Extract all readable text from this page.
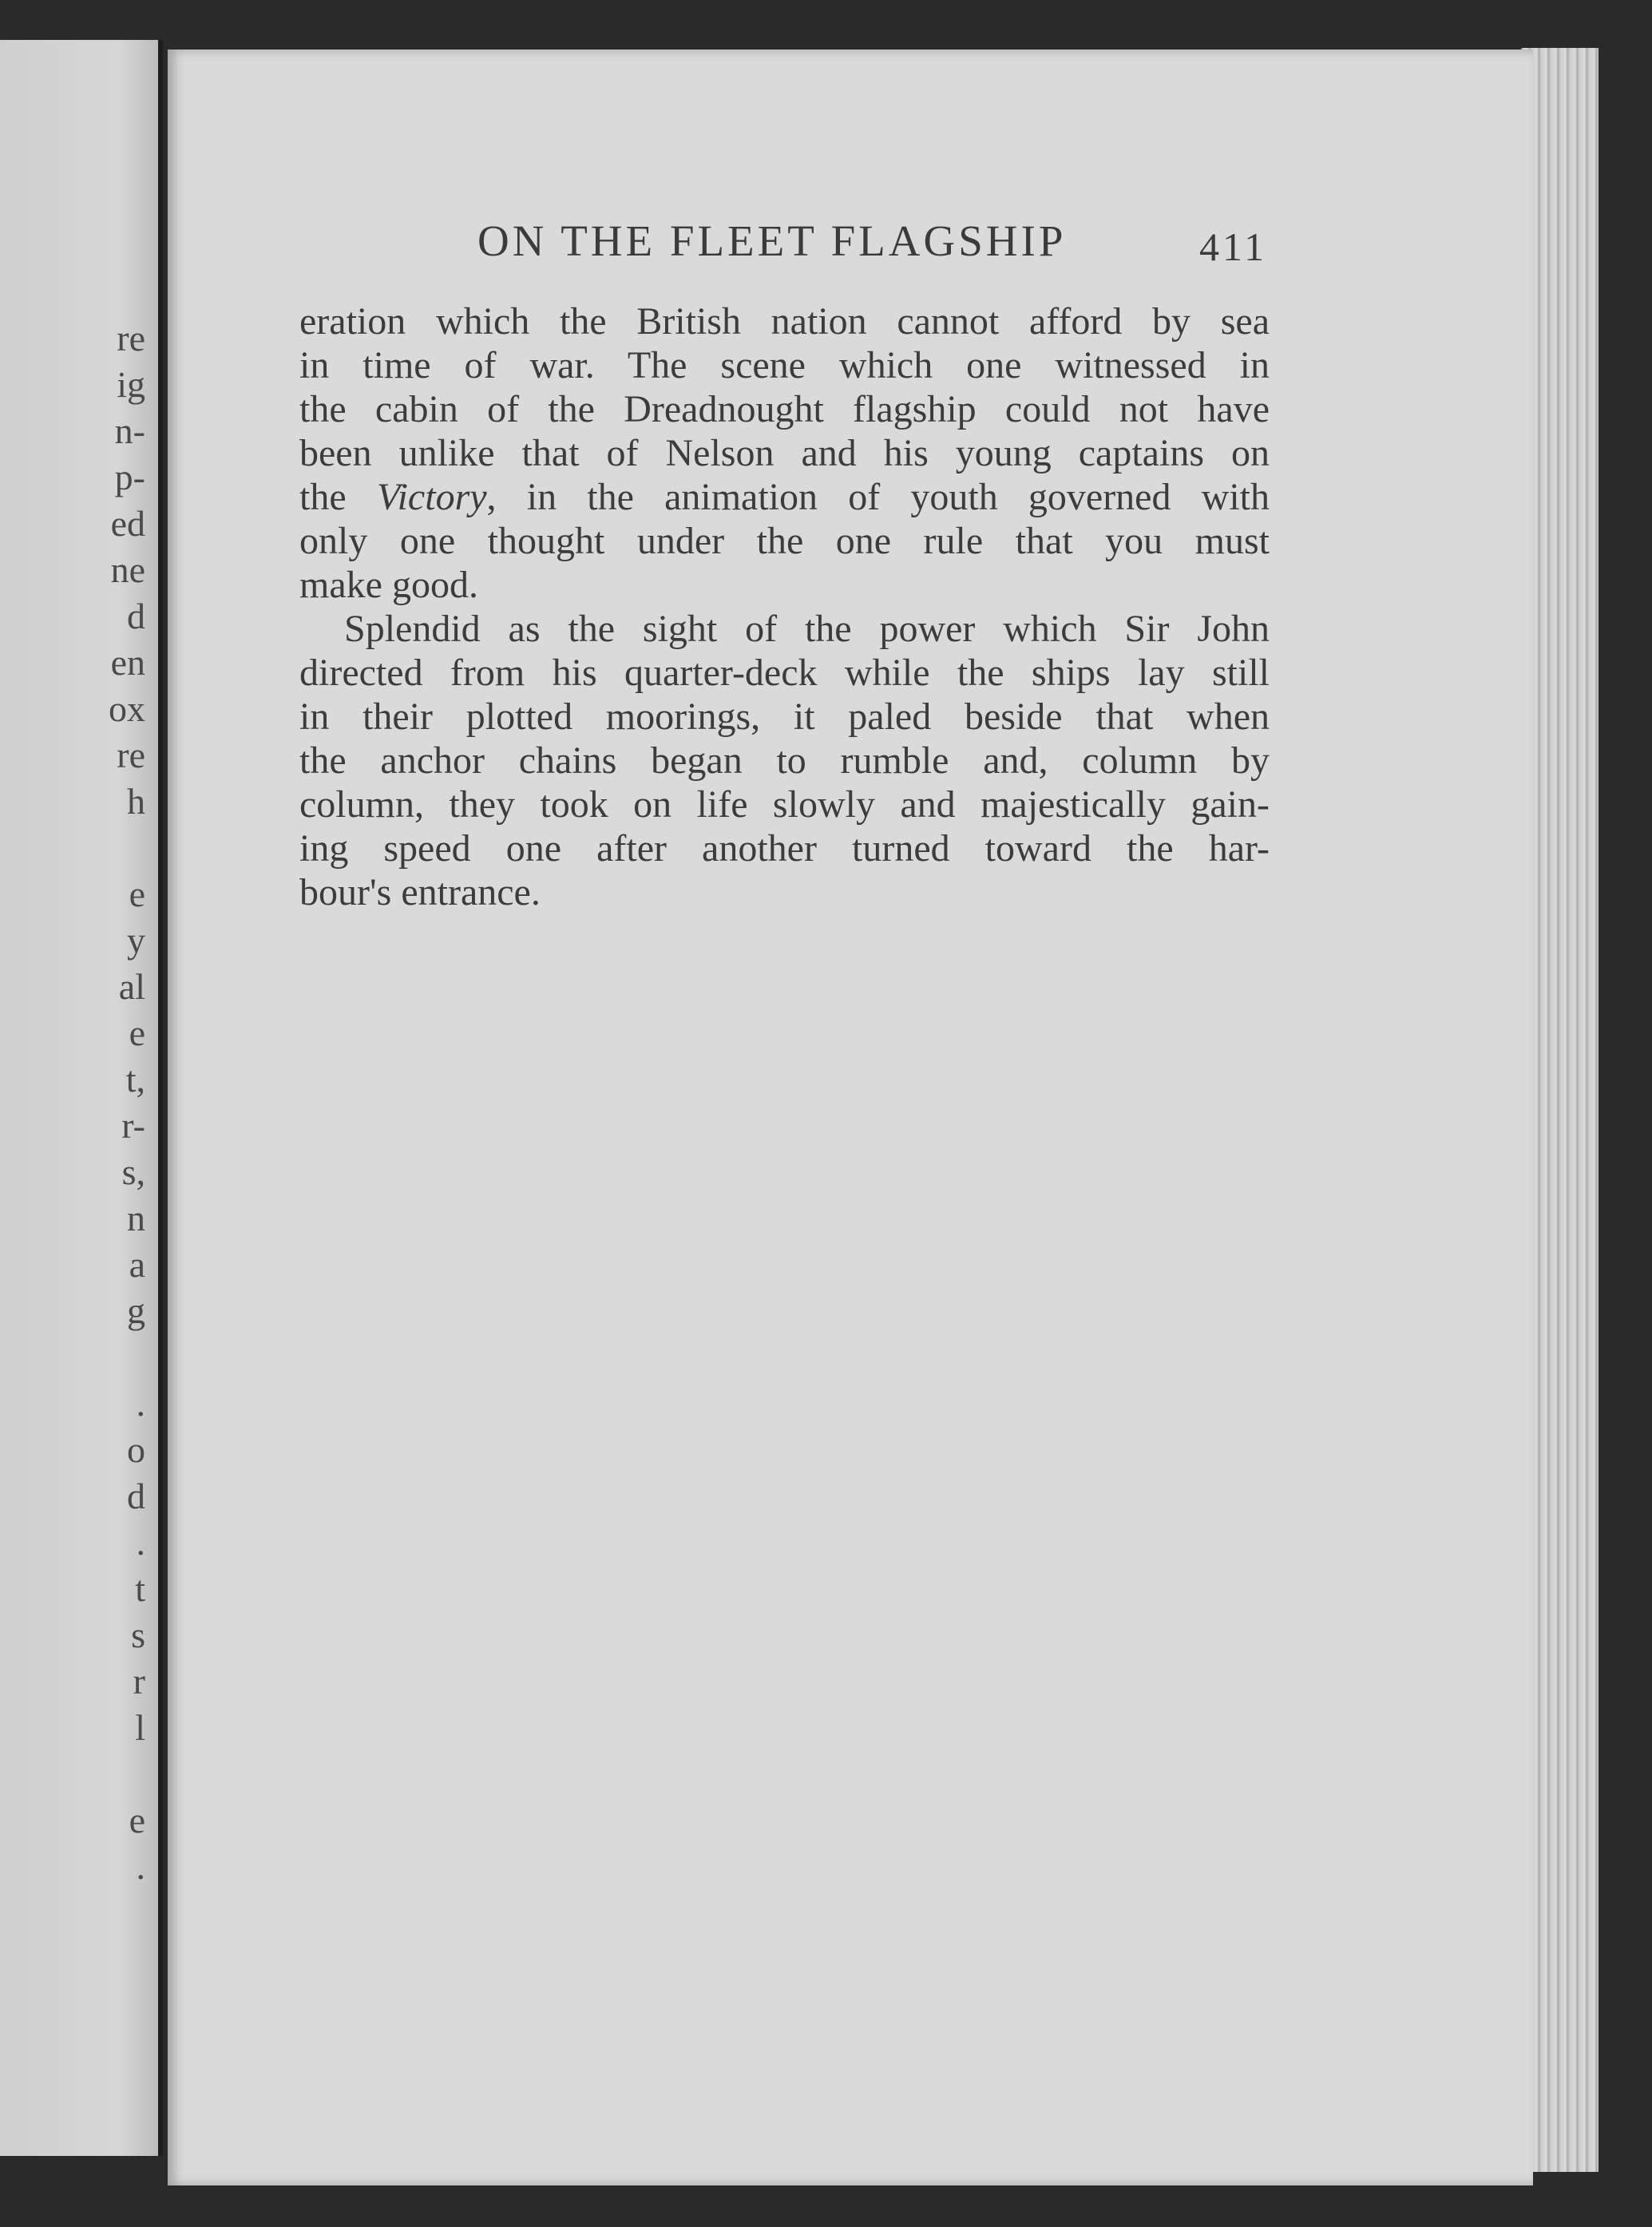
re
ig
n-
p-
ed
ne
d
en
ox
re
h
e
y
al
e
t,
r-
s,
n
a
g
.
o
d
.
t
s
r
l
e
.
ON THE FLEET FLAGSHIP	411
eration which the British nation cannot afford by sea
in time of war. The scene which one witnessed in
the cabin of the Dreadnought flagship could not have
been unlike that of Nelson and his young captains on
the Victory, in the animation of youth governed with
only one thought under the one rule that you must
make good.
Splendid as the sight of the power which Sir John
directed from his quarter-deck while the ships lay still
in their plotted moorings, it paled beside that when
the anchor chains began to rumble and, column by
column, they took on life slowly and majestically gain-
ing speed one after another turned toward the har-
bour's entrance.
